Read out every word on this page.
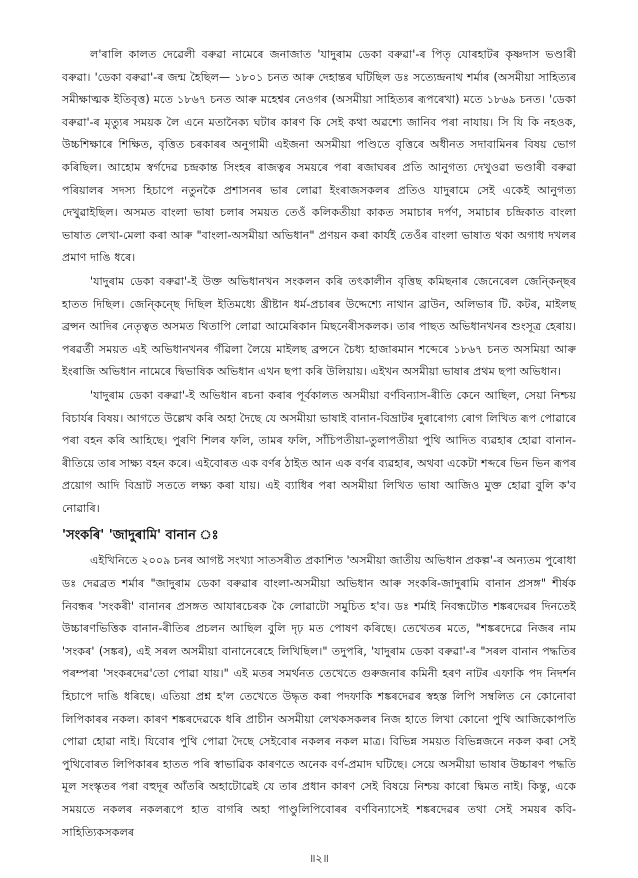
ল'ৰালি কালত দেৱেলী বৰুৱা নামেৰে জনাজাত 'যাদুৰাম ডেকা বৰুৱা'-ৰ পিতৃ যোৰহাটৰ কৃষ্ণদাস ভণ্ডাৰী বৰুৱা। 'ডেকা বৰুৱা'-ৰ জন্ম হৈছিল— ১৮০১ চনত আৰু দেহান্তৰ ঘটিছিল ডঃ সত্যেন্দ্ৰনাথ শৰ্মাৰ (অসমীয়া সাহিত্যৰ সমীক্ষাত্মক ইতিবৃত্ত) মতে ১৮৬৭ চনত আৰু মহেশ্বৰ নেওগৰ (অসমীয়া সাহিত্যৰ ৰূপৰেখা) মতে ১৮৬৯ চনত। 'ডেকা বৰুৱা'-ৰ মৃত্যুৰ সময়ক লৈ এনে মতানৈক্য ঘটাৰ কাৰণ কি সেই কথা অৱশ্যে জানিব পৰা নাযায়। সি যি কি নহওক, উচ্চশিক্ষাৰে শিক্ষিত, বৃত্তিত চৰকাৰৰ অনুগামী এইজনা অসমীয়া পণ্ডিতে বৃত্তিৰে অধীনত সদাবামিনৰ বিষয় ভোগ কৰিছিল। আহোম স্বৰ্গদেৱ চন্দ্ৰকান্ত সিংহৰ ৰাজত্বৰ সময়ৰে পৰা ৰজাঘৰৰ প্ৰতি আনুগত্য দেখুওৱা ভণ্ডাৰী বৰুৱা পৰিয়ালৰ সদস্য হিচাপে নতুনকৈ প্ৰশাসনৰ ভাৰ লোৱা ইংৰাজসকলৰ প্ৰতিও যাদুৰামে সেই একেই আনুগত্য দেখুৱাইছিল। অসমত বাংলা ভাষা চলাৰ সময়ত তেওঁ কলিকতীয়া কাকত সমাচাৰ দৰ্পণ, সমাচাৰ চন্দ্ৰিকাত বাংলা ভাষাত লেখা-মেলা কৰা আৰু "বাংলা-অসমীয়া অভিধান" প্ৰণয়ন কৰা কাৰ্যই তেওঁৰ বাংলা ভাষাত থকা অগাধ দখলৰ প্ৰমাণ দাঙি ধৰে।

'যাদুৰাম ডেকা বৰুৱা'-ই উক্ত অভিধানখন সংকলন কৰি তৎকালীন বৃত্তিছ কমিছনাৰ জেনেৰেল জেন্কিন্ছৰ হাতত দিছিল। জেন্কিন্ছে দিছিল ইতিমধ্যে খ্ৰীষ্টান ধৰ্ম-প্ৰচাৰৰ উদ্দেশ্যে নাথান ব্ৰাউন, অলিভাৰ টি. কটৰ, মাইলছ ব্ৰন্সন আদিৰ নেতৃত্বত অসমত থিতাপি লোৱা আমেৰিকান মিছনেৰীসকলক। তাৰ পাছত অভিধানখনৰ শুংসূত্ৰ হেৰায়। পৰৱৰ্তী সময়ত এই অভিধানখনৰ গঁৱিলা লৈয়ে মাইলছ ব্ৰন্সনে চৈধ্য হাজাৰমান শব্দেৰে ১৮৬৭ চনত অসমিয়া আৰু ইংৰাজি অভিধান নামেৰে দ্বিভাষিক অভিধান এখন ছপা কৰি উলিয়ায়। এইখন অসমীয়া ভাষাৰ প্ৰথম ছপা অভিধান।

'যাদুৰাম ডেকা বৰুৱা'-ই অভিধান ৰচনা কৰাৰ পূৰ্বকালত অসমীয়া বৰ্ণবিন্যাস-ৰীতি কেনে আছিল, সেয়া নিশ্চয় বিচাৰ্যৰ বিষয়। আগতে উল্লেখ কৰি অহা দৈছে যে অসমীয়া ভাষাই বানান-বিভ্ৰাটৰ দুৰাৰোগ্য ৰোগ লিখিত ৰূপ পোৱাৰে পৰা বহন কৰি আহিছে। পুৰণি শিলৰ ফলি, তামৰ ফলি, সাঁচিপতীয়া-তুলাপতীয়া পুথি আদিত ব্যৱহাৰ হোৱা বানান-ৰীতিয়ে তাৰ সাক্ষ্য বহন কৰে। এইবোৰত এক বৰ্ণৰ ঠাইত আন এক বৰ্ণৰ ব্যৱহাৰ, অথবা একেটা শব্দৰে ভিন ভিন ৰূপৰ প্ৰয়োগ আদি বিভ্ৰাট সততে লক্ষ্য কৰা যায়। এই ব্যাধিৰ পৰা অসমীয়া লিখিত ভাষা আজিও মুক্ত হোৱা বুলি ক'ব নোৱাৰি।

'সংকৰি' 'জাদুৰামি' বানান ঃ

এইখিনিতে ২০০৯ চনৰ আগষ্ট সংখ্যা সাতসৰীত প্ৰকাশিত 'অসমীয়া জাতীয় অভিধান প্ৰকল্প'-ৰ অন্যতম পুৰোধা ডঃ দেৱব্ৰত শৰ্মাৰ "জাদুৰাম ডেকা বৰুৱাৰ বাংলা-অসমীয়া অভিধান আৰু সংকৰি-জাদুৰামি বানান প্ৰসঙ্গ" শীৰ্ষক নিবন্ধৰ 'সংকৰী' বানানৰ প্ৰসঙ্গত আযাৰচেৰক কৈ লোৱাটো সমুচিত হ'ব। ডঃ শৰ্মাই নিবন্ধটোত শঙ্কৰদেৱৰ দিনতেই উচ্চাৰণভিত্তিক বানান-ৰীতিৰ প্ৰচলন আছিল বুলি দৃঢ় মত পোষণ কৰিছে। তেখেতৰ মতে, "শঙ্কৰদেৱে নিজৰ নাম 'সংকৰ' (সঙ্কৰ), এই সৰল অসমীয়া বানানেৰেহে লিখিছিল।" তদুপৰি, 'যাদুৰাম ডেকা বৰুৱা'-ৰ "সৰল বানান পদ্ধতিৰ পৰম্পৰা 'সংকৰদেৱ'তো পোৱা যায়।" এই মতৰ সমৰ্থনত তেখেতে গুৰুজনাৰ কমিনী হৰণ নাটৰ এফাকি পদ নিদৰ্শন হিচাপে দাঙি ধৰিছে। এতিয়া প্ৰশ্ন হ'ল তেখেতে উদ্ধৃত কৰা পদফাকি শঙ্কৰদেৱৰ স্বহস্ত লিপি সম্বলিত নে কোনোবা লিপিকাৰৰ নকল। কাৰণ শঙ্কৰদেৱকে ধৰি প্ৰাচীন অসমীয়া লেখকসকলৰ নিজ হাতে লিখা কোনো পুথি আজিকোপতি পোৱা হোৱা নাই। যিবোৰ পুথি পোৱা দৈছে সেইবোৰ নকলৰ নকল মাত্ৰ। বিভিন্ন সময়ত বিভিন্নজনে নকল কৰা সেই পুথিবোৰত লিপিকাৰৰ হাতত পৰি স্বাভাৱিক কাৰণতে অনেক বৰ্ণ-প্ৰমাদ ঘটিছে। সেয়ে অসমীয়া ভাষাৰ উচ্চাৰণ পদ্ধতি মূল সংস্কৃতৰ পৰা বহুদূৰ আঁতৰি অহাটোৱেই যে তাৰ প্ৰধান কাৰণ সেই বিষয়ে নিশ্চয় কাৰো দ্বিমত নাই। কিন্তু, একে সময়তে নকলৰ নকলৰূপে হাত বাগৰি অহা পাণ্ডুলিপিবোৰৰ বৰ্ণবিন্যাসেই শঙ্কৰদেৱৰ তথা সেই সময়ৰ কবি-সাহিত্যিকসকলৰ

॥২॥
